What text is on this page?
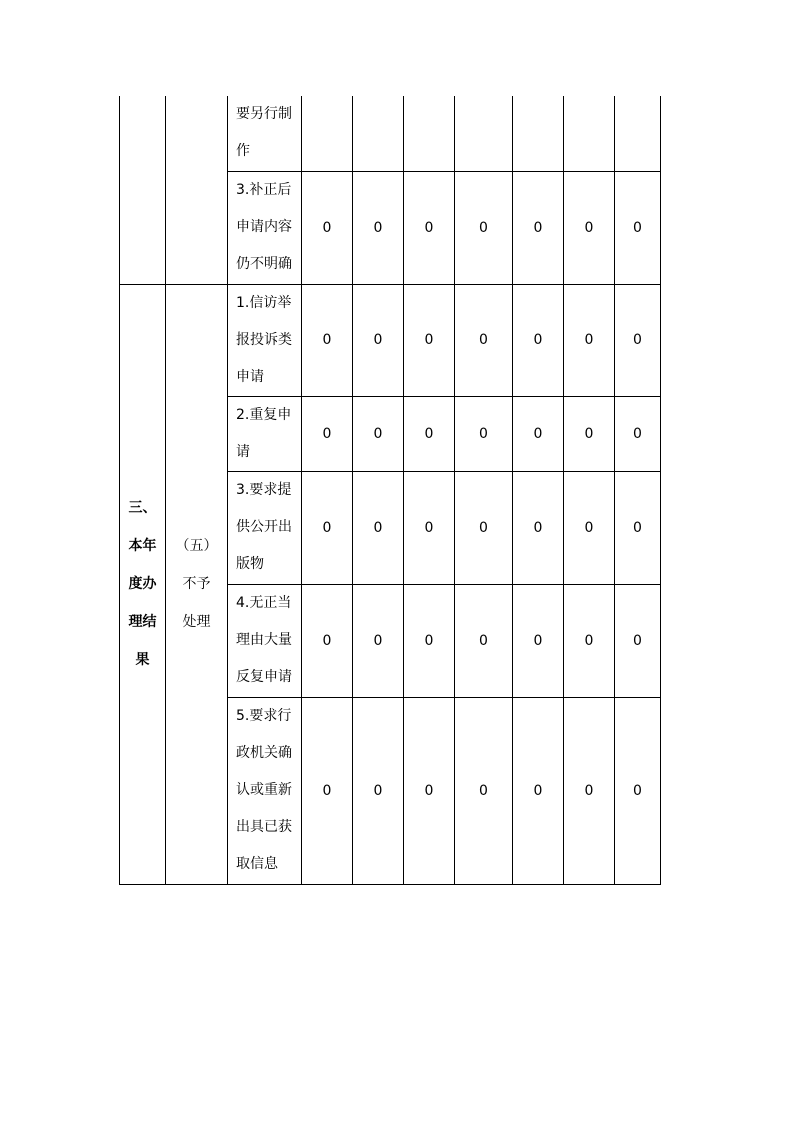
		要另行制
作							

		3.补正后
申请内容
仍不明确	0	0	0	0	0	0	0

三、
本年
度办
理结
果	（五）
不予
处理	1.信访举
报投诉类
申请	0	0	0	0	0	0	0

		2.重复申
请	0	0	0	0	0	0	0

		3.要求提
供公开出
版物	0	0	0	0	0	0	0

		4.无正当
理由大量
反复申请	0	0	0	0	0	0	0

		5.要求行
政机关确
认或重新
出具已获
取信息	0	0	0	0	0	0	0
